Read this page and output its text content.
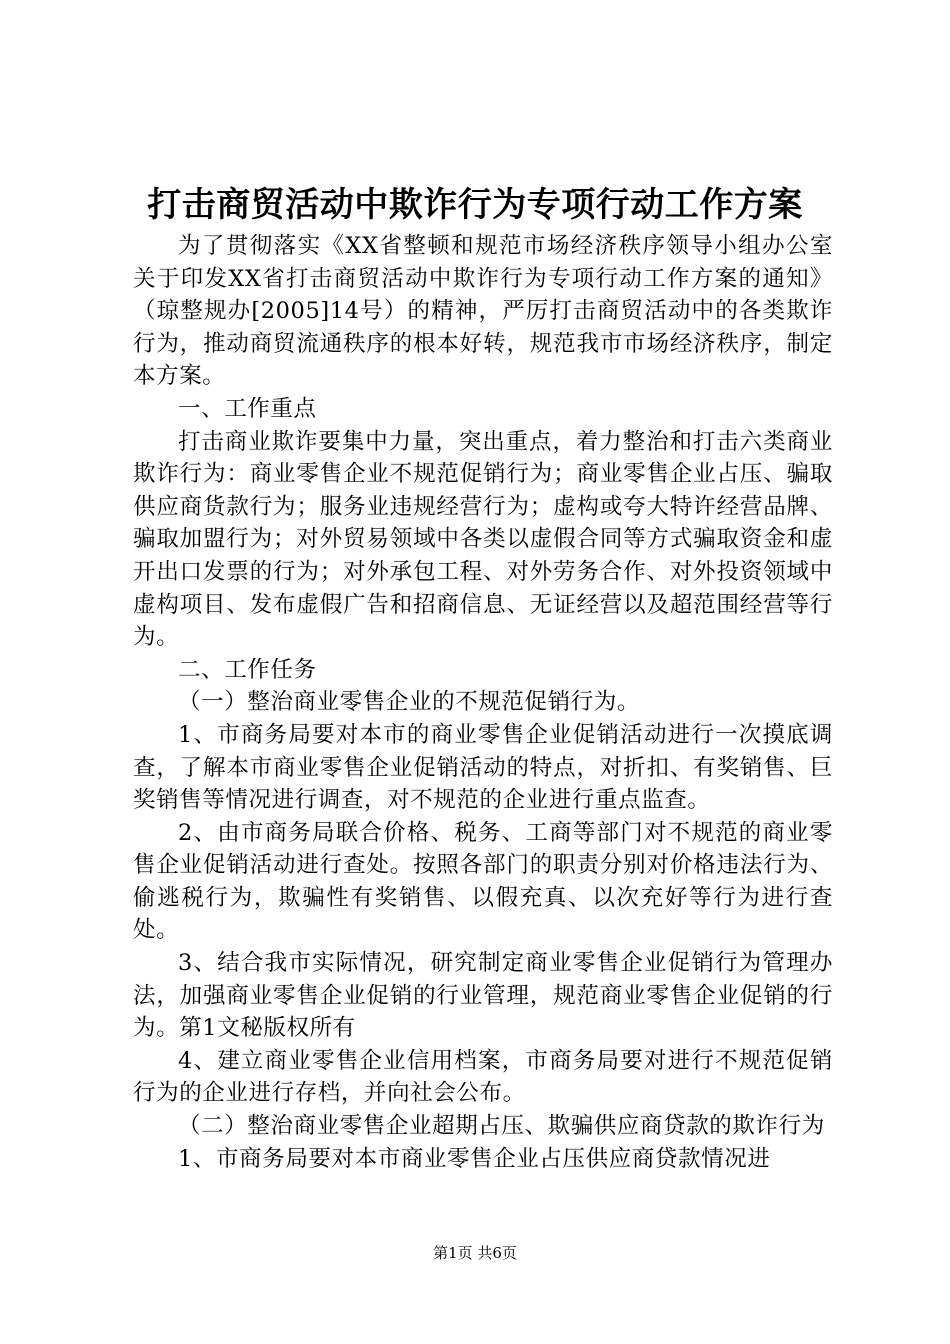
打击商贸活动中欺诈行为专项行动工作方案

为了贯彻落实《XX省整顿和规范市场经济秩序领导小组办公室关于印发XX省打击商贸活动中欺诈行为专项行动工作方案的通知》（琼整规办[2005]14号）的精神，严厉打击商贸活动中的各类欺诈行为，推动商贸流通秩序的根本好转，规范我市市场经济秩序，制定本方案。

一、工作重点

打击商业欺诈要集中力量，突出重点，着力整治和打击六类商业欺诈行为：商业零售企业不规范促销行为；商业零售企业占压、骗取供应商货款行为；服务业违规经营行为；虚构或夸大特许经营品牌、骗取加盟行为；对外贸易领域中各类以虚假合同等方式骗取资金和虚开出口发票的行为；对外承包工程、对外劳务合作、对外投资领域中虚构项目、发布虚假广告和招商信息、无证经营以及超范围经营等行为。

二、工作任务

（一）整治商业零售企业的不规范促销行为。

1、市商务局要对本市的商业零售企业促销活动进行一次摸底调查，了解本市商业零售企业促销活动的特点，对折扣、有奖销售、巨奖销售等情况进行调查，对不规范的企业进行重点监查。

2、由市商务局联合价格、税务、工商等部门对不规范的商业零售企业促销活动进行查处。按照各部门的职责分别对价格违法行为、偷逃税行为，欺骗性有奖销售、以假充真、以次充好等行为进行查处。

3、结合我市实际情况，研究制定商业零售企业促销行为管理办法，加强商业零售企业促销的行业管理，规范商业零售企业促销的行为。第1文秘版权所有

4、建立商业零售企业信用档案，市商务局要对进行不规范促销行为的企业进行存档，并向社会公布。

（二）整治商业零售企业超期占压、欺骗供应商贷款的欺诈行为

1、市商务局要对本市商业零售企业占压供应商贷款情况进

第1页 共6页
